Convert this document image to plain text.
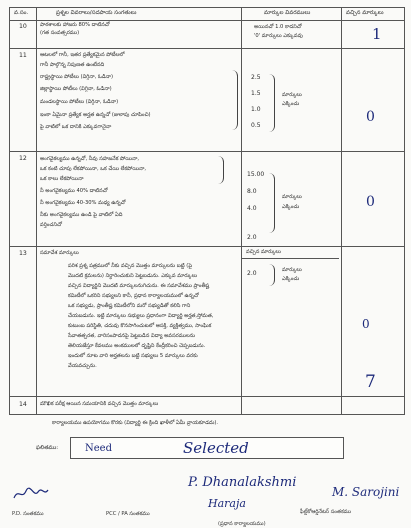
వ.సం.	ప్రశ్నల వివరాలు/సదపాయ సంగతులు	మార్కుల వివరములు	వచ్చిన మార్కులు
10	పాఠశాలకు హాజరు 80% దాటినచో
(గత సంవత్సరము)
అయినచో 1.0 కాదనిచో
'0' మార్కులు ఎక్కువవు	1
11	ఆటలలో గానీ, ఇతర ప్రత్యేకమైన పోటీలలో
గానీ పాల్గొన్న నిపుణత ఉంటేనది
రాష్ట్రస్థాయి పోటీలు (విగ్గినా, ఓడినా)
జిల్లాస్థాయి పోటీలు (విగ్గినా, ఓడినా)
మండలస్థాయి పోటీలు (విగ్గినా, ఓడినా)
ఇంకా ఏమైనా ప్రత్యేక అర్హత ఉన్నచో (జులాపు చూపించి)
పై వాటిలో ఒక దానికి ఎక్కువగానైనా
2.5
1.5
1.0
0.5
మార్కులు
ఎక్కించు
0
12	అంగవైకల్యము ఉన్నచో, నీవు సహజనేక పోయినా,
ఒక కంటి చూపు లేకపోయినా, ఒక చేయి లేకపోయినా,
ఒక కాలు లేకపోయినా
నీ అంగవైకల్యము 40% దాటినచో
నీ అంగవైకల్యము 40-30% మధ్య ఉన్నచో
నీకు అంగవైకల్యము ఉండి పై వాటిలో ఏది
వర్తించనిచో
15.00
8.0
4.0
2.0
మార్కులు
ఎక్కించు	0
13	సమావేశ మార్కులు	వచ్చిన మార్కులు
పరిశ ప్రశ్న పత్రములో నీకు వచ్చిన మొత్తం మార్కులను బట్టి (పై
మొదటి క్రమలను) నిర్ధారించుకుని పెట్టబడును. ఎక్కువ మార్కులు
వచ్చిన విద్యార్థిని మొదటి మార్కులనుగిచును. ఈ సమావేశము ప్రాంతీష్ట
కమిటీలో ఒకరిని సభ్యులని కానీ, ప్రధాన కార్యాలయములో ఉన్నచో
ఒక సభ్యుడు, ప్రాంతీష్ట కమిటీలోని మరో సభ్యుడితో కలిసి గాని
చేయబడును. ఇట్టి మార్కులు సభ్యులు ప్రధానంగా విద్యార్థి అర్హత,స్తోమత,
కుటుంబ పరిస్థితి, చదువు కొనసాగించుటలో ఆసక్తి, వ్యక్తిత్వము, సాంఘిక
సేవాతత్పరత, వారిసంపాదనపై పెట్టబడిన విద్యా అవసరములను
తెలియజేస్తూ కేవలము అంకములలో దృష్టిని కేంద్రీకరించి చెప్పబడును.
ఇందులో నూట వారి అర్హతలను బట్టి సభ్యులు 5 మార్కులు వరకు
వేయవచ్చును.
2.0	మార్కులు
ఎక్కించు
0
7
14	మౌఖిక పరీక్ష ఆయిన సమయానికి వచ్చిన మొత్తం మార్కులు
కార్యాలయము ఉపయోగము కొరకు (విద్యార్థి ఈ క్రింది ఖాళీలో ఏమీ వ్రాయకూడదు).
ఫలితము:	Need	Selected
P.D. సంతకము	PCC / PA సంతకము
P. Dhanalakshmi
Haraja
(ప్రధాన కార్యాలయము)
M. Sarojini
ఫీల్డ్‌కోఆర్డినేటర్ సంతకము
